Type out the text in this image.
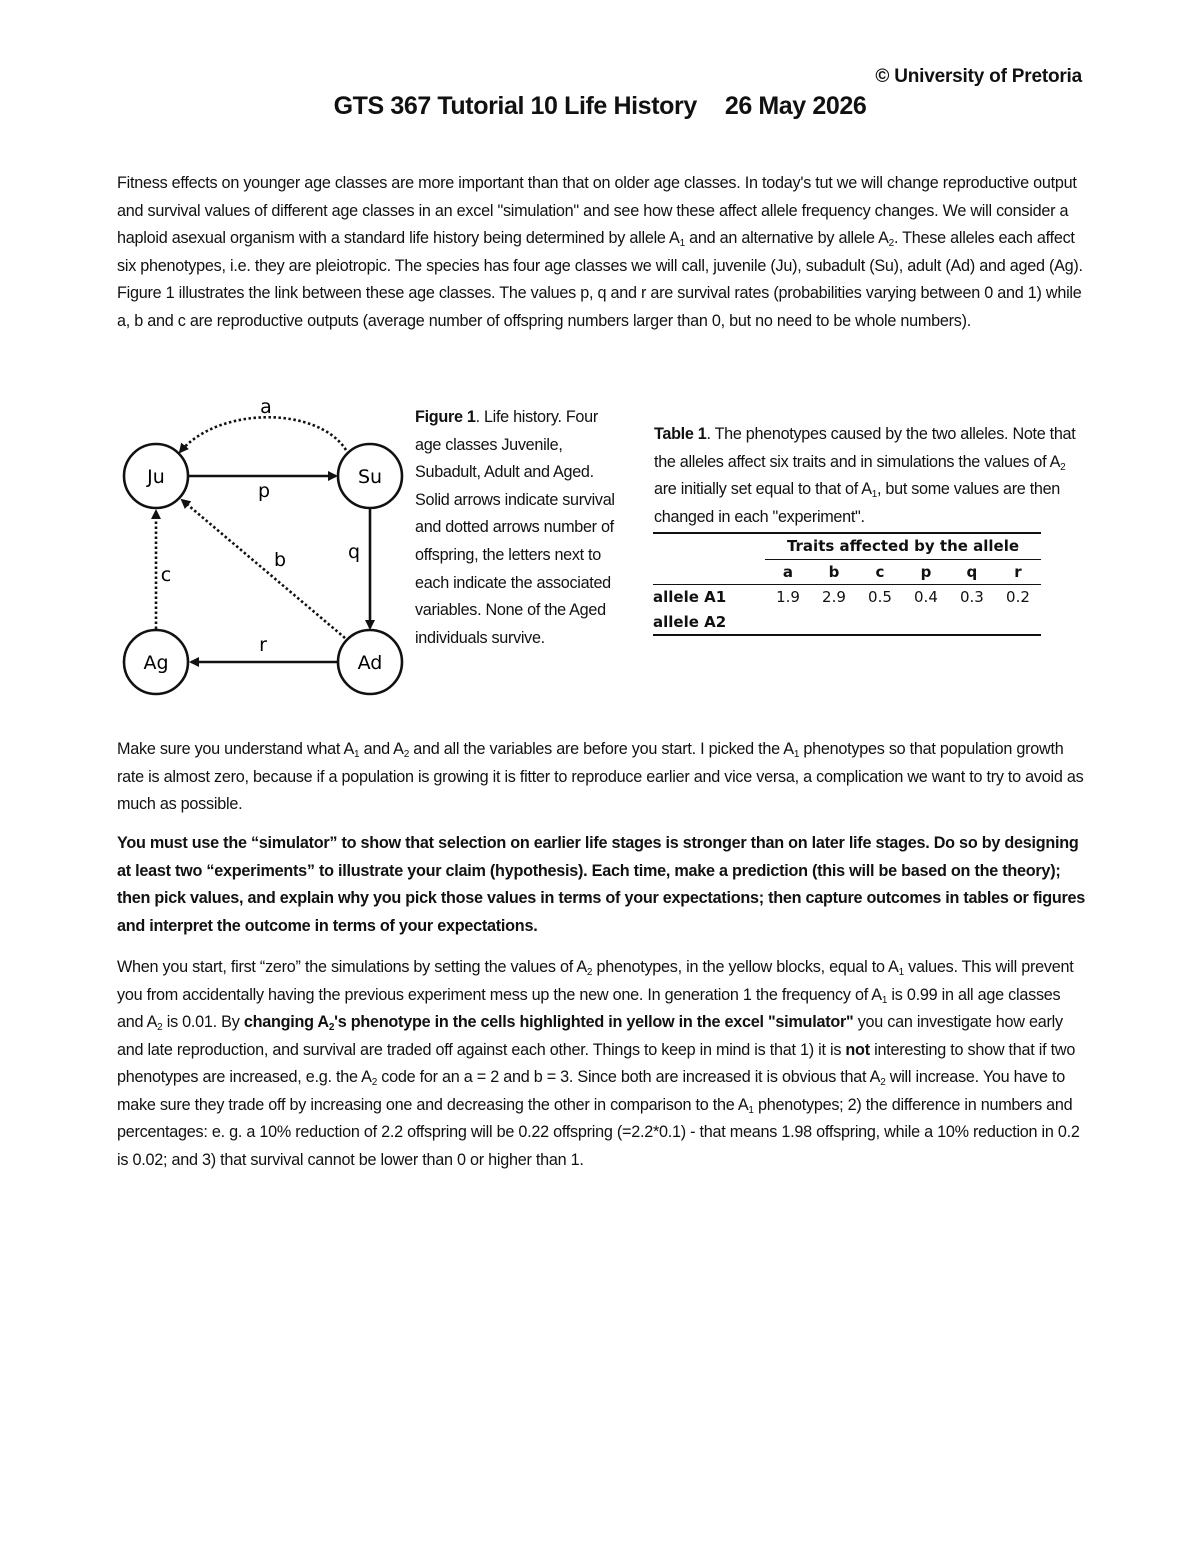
© University of Pretoria
GTS 367 Tutorial 10 Life History 26 May 2026
Fitness effects on younger age classes are more important than that on older age classes. In today's tut we will change reproductive output and survival values of different age classes in an excel "simulation" and see how these affect allele frequency changes. We will consider a haploid asexual organism with a standard life history being determined by allele $A_1$ and an alternative by allele $A_2$. These alleles each affect six phenotypes, i.e. they are pleiotropic. The species has four age classes we will call, juvenile (Ju), subadult (Su), adult (Ad) and aged (Ag). Figure 1 illustrates the link between these age classes. The values p, q and r are survival rates (probabilities varying between 0 and 1) while a, b and c are reproductive outputs (average number of offspring numbers larger than 0, but no need to be whole numbers).
Ju	Su
Ag	Ad
a
p
b	q
c
r
Figure 1. Life history. Four age classes Juvenile, Subadult, Adult and Aged. Solid arrows indicate survival and dotted arrows number of offspring, the letters next to each indicate the associated variables. None of the Aged individuals survive.
Table 1. The phenotypes caused by the two alleles. Note that the alleles affect six traits and in simulations the values of $A_2$ are initially set equal to that of $A_1$, but some values are then changed in each "experiment".
	Traits affected by the allele					
	a	b	c	p	q	r
allele A1	1.9	2.9	0.5	0.4	0.3	0.2
allele A2						
Make sure you understand what $A_1$ and $A_2$ and all the variables are before you start. I picked the $A_1$ phenotypes so that population growth rate is almost zero, because if a population is growing it is fitter to reproduce earlier and vice versa, a complication we want to try to avoid as much as possible.
You must use the “simulator” to show that selection on earlier life stages is stronger than on later life stages. Do so by designing at least two “experiments” to illustrate your claim (hypothesis). Each time, make a prediction (this will be based on the theory); then pick values, and explain why you pick those values in terms of your expectations; then capture outcomes in tables or figures and interpret the outcome in terms of your expectations.
When you start, first “zero” the simulations by setting the values of $A_2$ phenotypes, in the yellow blocks, equal to $A_1$ values. This will prevent you from accidentally having the previous experiment mess up the new one. In generation 1 the frequency of $A_1$ is 0.99 in all age classes and $A_2$ is 0.01. By changing $A_2's$ phenotype in the cells highlighted in yellow in the excel "simulator" you can investigate how early and late reproduction, and survival are traded off against each other. Things to keep in mind is that 1) it is not interesting to show that if two phenotypes are increased, e.g. the $A_2$ code for an a = 2 and b = 3. Since both are increased it is obvious that $A_2$ will increase. You have to make sure they trade off by increasing one and decreasing the other in comparison to the $A_1$ phenotypes; 2) the difference in numbers and percentages: e. g. a 10% reduction of 2.2 offspring will be 0.22 offspring (=2.2*0.1) - that means 1.98 offspring, while a 10% reduction in 0.2 is 0.02; and 3) that survival cannot be lower than 0 or higher than 1.
